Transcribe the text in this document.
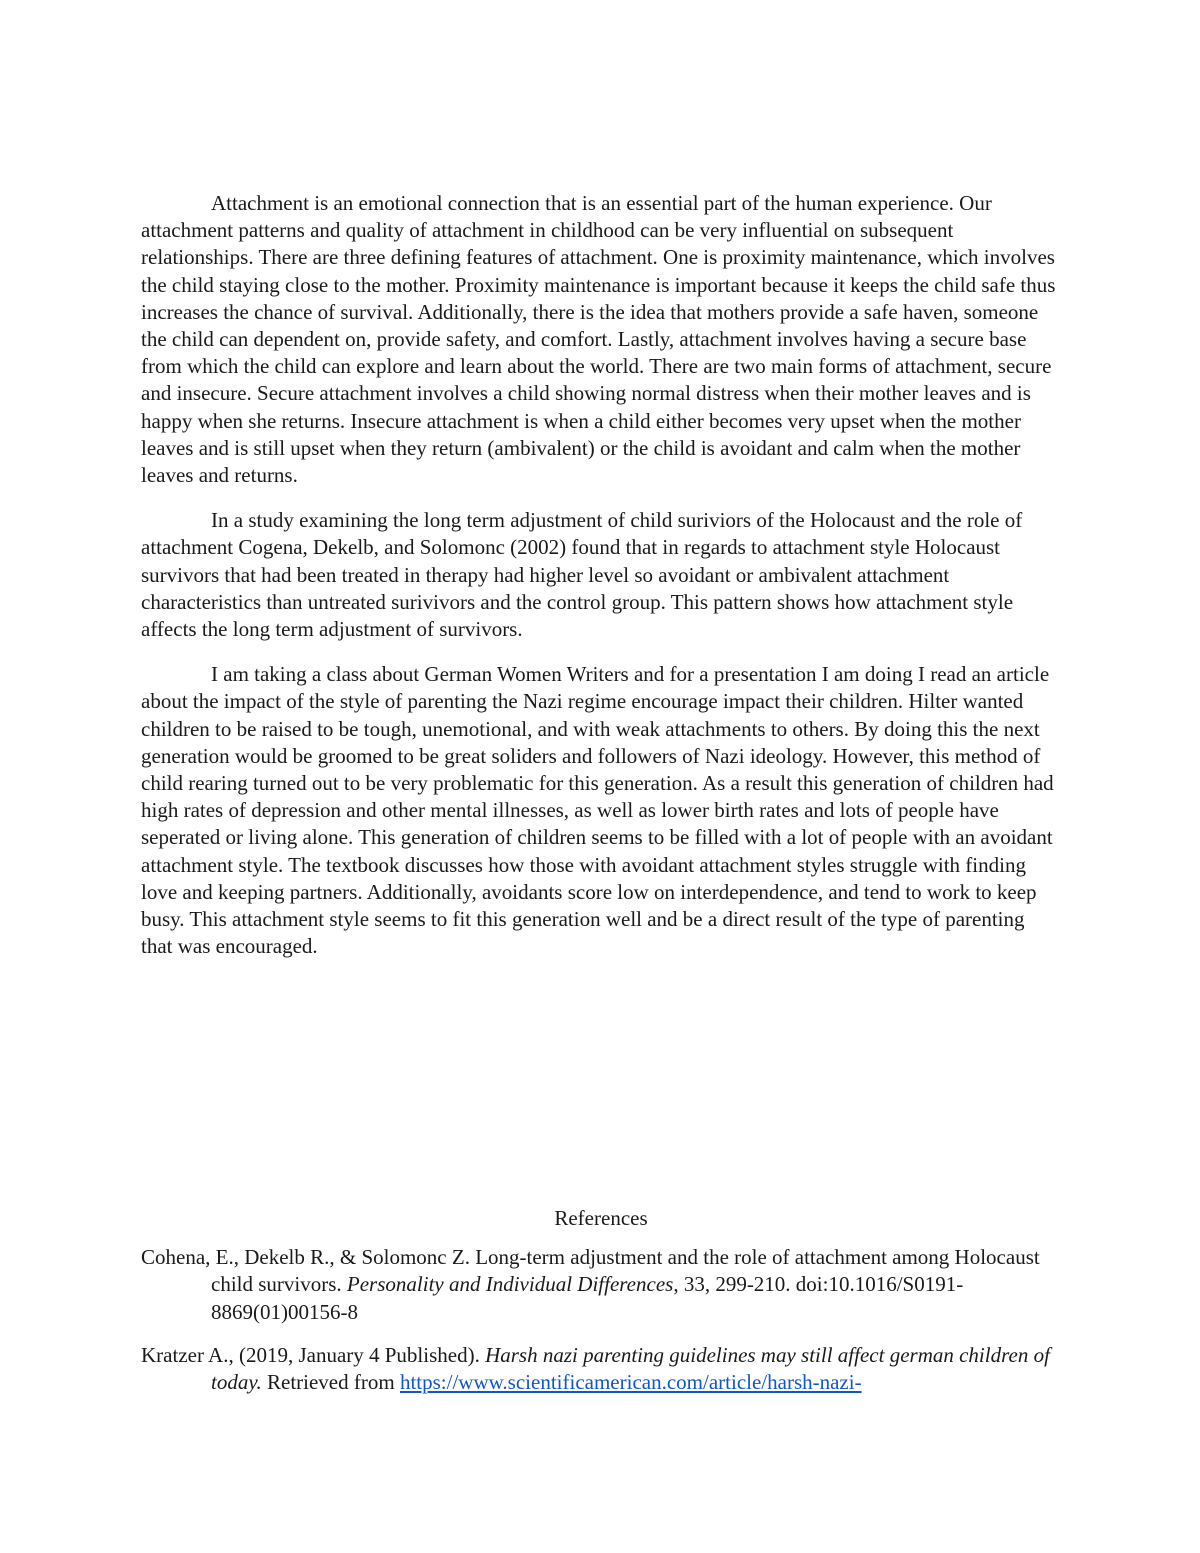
Attachment is an emotional connection that is an essential part of the human experience. Our attachment patterns and quality of attachment in childhood can be very influential on subsequent relationships. There are three defining features of attachment. One is proximity maintenance, which involves the child staying close to the mother. Proximity maintenance is important because it keeps the child safe thus increases the chance of survival. Additionally, there is the idea that mothers provide a safe haven, someone the child can dependent on, provide safety, and comfort. Lastly, attachment involves having a secure base from which the child can explore and learn about the world. There are two main forms of attachment, secure and insecure. Secure attachment involves a child showing normal distress when their mother leaves and is happy when she returns. Insecure attachment is when a child either becomes very upset when the mother leaves and is still upset when they return (ambivalent) or the child is avoidant and calm when the mother leaves and returns.

In a study examining the long term adjustment of child suriviors of the Holocaust and the role of attachment Cogena, Dekelb, and Solomonc (2002) found that in regards to attachment style Holocaust survivors that had been treated in therapy had higher level so avoidant or ambivalent attachment characteristics than untreated surivivors and the control group. This pattern shows how attachment style affects the long term adjustment of survivors.

I am taking a class about German Women Writers and for a presentation I am doing I read an article about the impact of the style of parenting the Nazi regime encourage impact their children. Hilter wanted children to be raised to be tough, unemotional, and with weak attachments to others. By doing this the next generation would be groomed to be great soliders and followers of Nazi ideology. However, this method of child rearing turned out to be very problematic for this generation. As a result this generation of children had high rates of depression and other mental illnesses, as well as lower birth rates and lots of people have seperated or living alone. This generation of children seems to be filled with a lot of people with an avoidant attachment style. The textbook discusses how those with avoidant attachment styles struggle with finding love and keeping partners. Additionally, avoidants score low on interdependence, and tend to work to keep busy. This attachment style seems to fit this generation well and be a direct result of the type of parenting that was encouraged.

References
Cohena, E., Dekelb R., & Solomonc Z. Long-term adjustment and the role of attachment among Holocaust child survivors. Personality and Individual Differences, 33, 299-210. doi:10.1016/S0191-8869(01)00156-8
Kratzer A., (2019, January 4 Published). Harsh nazi parenting guidelines may still affect german children of today. Retrieved from https://www.scientificamerican.com/article/harsh-nazi-
